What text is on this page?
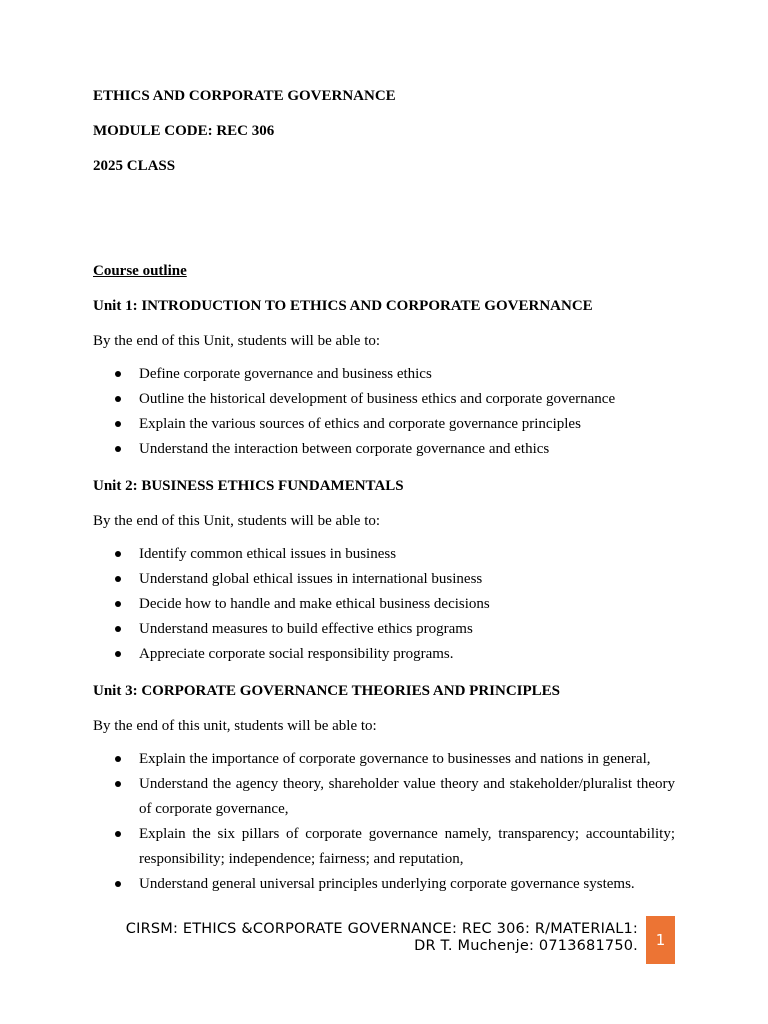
ETHICS AND CORPORATE GOVERNANCE
MODULE CODE: REC 306
2025 CLASS
Course outline
Unit 1: INTRODUCTION TO ETHICS AND CORPORATE GOVERNANCE
By the end of this Unit, students will be able to:
Define corporate governance and business ethics
Outline the historical development of business ethics and corporate governance
Explain the various sources of ethics and corporate governance principles
Understand the interaction between corporate governance and ethics
Unit 2: BUSINESS ETHICS FUNDAMENTALS
By the end of this Unit, students will be able to:
Identify common ethical issues in business
Understand global ethical issues in international business
Decide how to handle and make ethical business decisions
Understand measures to build effective ethics programs
Appreciate corporate social responsibility programs.
Unit 3: CORPORATE GOVERNANCE THEORIES AND PRINCIPLES
By the end of this unit, students will be able to:
Explain the importance of corporate governance to businesses and nations in general,
Understand the agency theory, shareholder value theory and stakeholder/pluralist theory of corporate governance,
Explain the six pillars of corporate governance namely, transparency; accountability; responsibility; independence; fairness; and reputation,
Understand general universal principles underlying corporate governance systems.
CIRSM: ETHICS &CORPORATE GOVERNANCE: REC 306: R/MATERIAL1:
DR T. Muchenje: 0713681750.	1
